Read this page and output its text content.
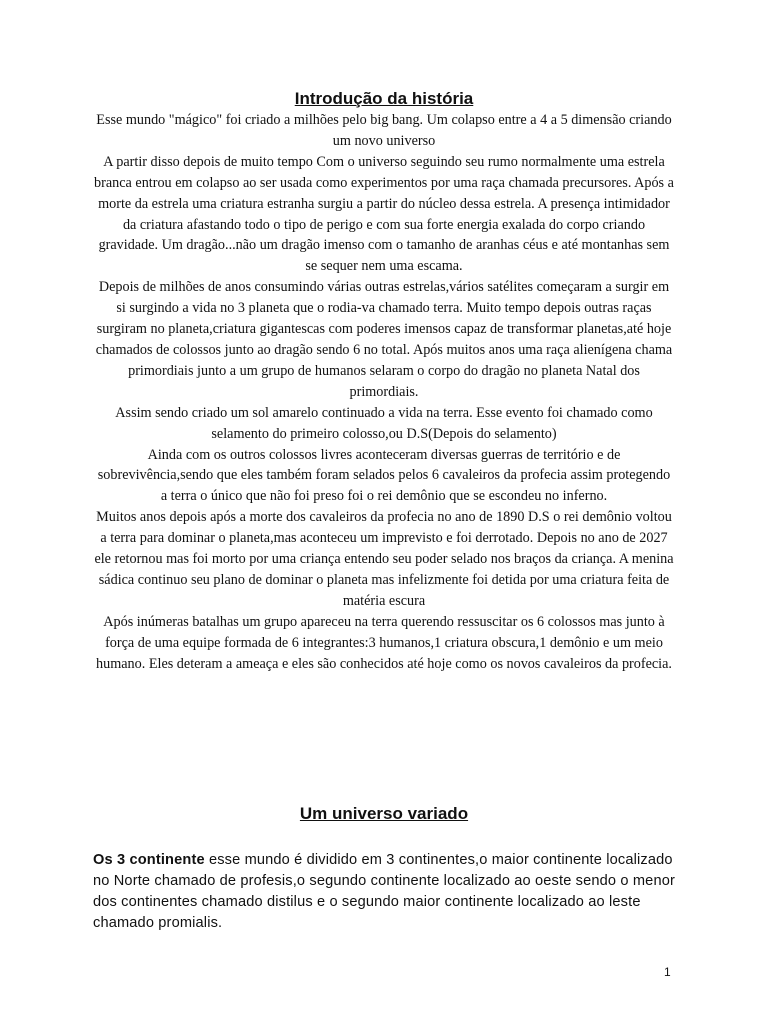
Introdução da história

Esse mundo "mágico" foi criado a milhões pelo big bang. Um colapso entre a 4 a 5 dimensão criando um novo universo

A partir disso depois de muito tempo Com o universo seguindo seu rumo normalmente uma estrela branca entrou em colapso ao ser usada como experimentos por uma raça chamada precursores. Após a morte da estrela uma criatura estranha surgiu a partir do núcleo dessa estrela. A presença intimidador da criatura afastando todo o tipo de perigo e com sua forte energia exalada do corpo criando gravidade. Um dragão...não um dragão imenso com o tamanho de aranhas céus e até montanhas sem se sequer nem uma escama.

Depois de milhões de anos consumindo várias outras estrelas,vários satélites começaram a surgir em si surgindo a vida no 3 planeta que o rodia-va chamado terra. Muito tempo depois outras raças surgiram no planeta,criatura gigantescas com poderes imensos capaz de transformar planetas,até hoje chamados de colossos junto ao dragão sendo 6 no total. Após muitos anos uma raça alienígena chama primordiais junto a um grupo de humanos selaram o corpo do dragão no planeta Natal dos primordiais.

Assim sendo criado um sol amarelo continuado a vida na terra. Esse evento foi chamado como selamento do primeiro colosso,ou D.S(Depois do selamento)

Ainda com os outros colossos livres aconteceram diversas guerras de território e de sobrevivência,sendo que eles também foram selados pelos 6 cavaleiros da profecia assim protegendo a terra o único que não foi preso foi o rei demônio que se escondeu no inferno.

Muitos anos depois após a morte dos cavaleiros da profecia no ano de 1890 D.S o rei demônio voltou a terra para dominar o planeta,mas aconteceu um imprevisto e foi derrotado. Depois no ano de 2027 ele retornou mas foi morto por uma criança entendo seu poder selado nos braços da criança. A menina sádica continuo seu plano de dominar o planeta mas infelizmente foi detida por uma criatura feita de matéria escura

Após inúmeras batalhas um grupo apareceu na terra querendo ressuscitar os 6 colossos mas junto à força de uma equipe formada de 6 integrantes:3 humanos,1 criatura obscura,1 demônio e um meio humano. Eles deteram a ameaça e eles são conhecidos até hoje como os novos cavaleiros da profecia.

Um universo variado

Os 3 continente esse mundo é dividido em 3 continentes,o maior continente localizado no Norte chamado de profesis,o segundo continente localizado ao oeste sendo o menor dos continentes chamado distilus e o segundo maior continente localizado ao leste chamado promialis.

1
